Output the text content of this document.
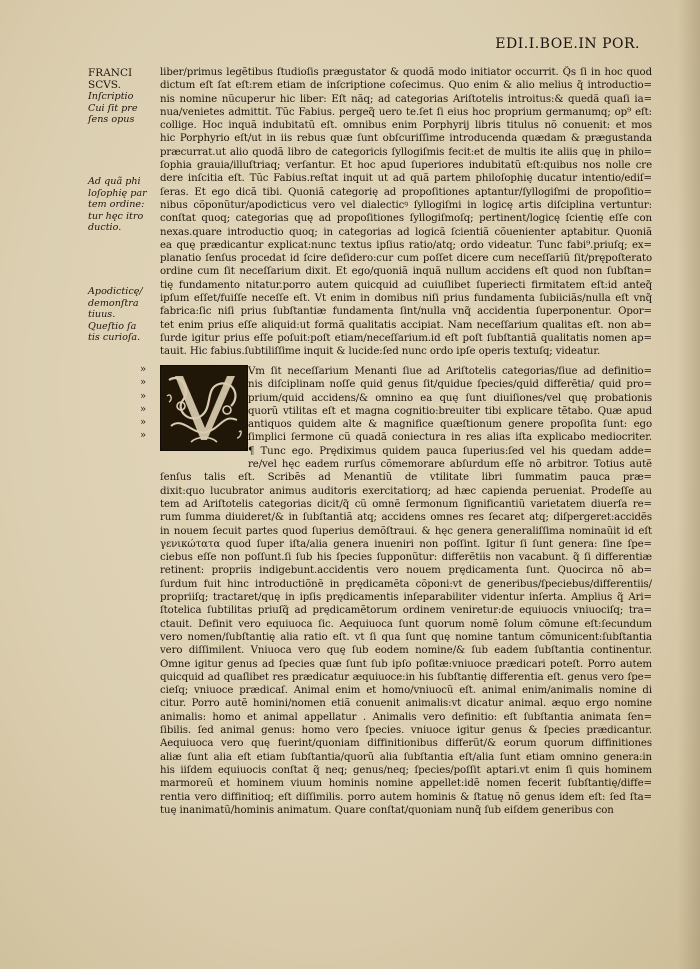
EDI.I.BOE.IN POR.
FRANCI
SCVS.
Inſcriptio
Cui ſit pre
ſens opus
Ad quã phi
loſophię par
tem ordine:
tur hęc itro
ductio.
Apodicticę/
demonſtra
tiuus.
Queſtio ſa
tis curioſa.
liber/primus legẽtibus ſtudioſis prægustator & quodã modo initiator occurrit. Q̃s ſi in hoc quod
dictum eſt ſat eſt:rem etiam de inſcriptione coſecimus. Quo enim & alio melius q̃ introductio=
nis nomine nũcuperur hic liber: Eſt nãq; ad categorias Ariſtotelis introitus:& quedã quaſi ia=
nua/venietes admittit. Tũc Fabius. pergeq̃ uero te.ſet ſi eius hoc proprium germanumq; op⁹ eſt:
collige. Hoc inquã indubitatũ eſt. omnibus enim Porphyrij libris titulus nõ conuenit: et mos
hic Porphyrio eſt/ut in iis rebus quæ ſunt obſcuriſſime introducenda quædam & prægustanda
præcurrat.ut alio quodã libro de categoricis ſyllogiſmis fecit:et de multis ite aliis quę in philo=
ſophia grauia/illuſtriaq; verſantur. Et hoc apud ſuperiores indubitatũ eſt:quibus nos nolle cre
dere inſcitia eſt. Tũc Fabius.reſtat inquit ut ad quã partem philoſophię ducatur intentio/ediſ=
ſeras. Et ego dicã tibi. Quoniã categorię ad propoſitiones aptantur/ſyllogiſmi de propoſitio=
nibus cõponũtur/apodicticus vero vel dialecticꝰ ſyllogiſmi in logicę artis diſciplina vertuntur:
conſtat quoq; categorias quę ad propoſitiones ſyllogiſmoſq; pertinent/logicę ſcientię eſſe con
nexas.quare introductio quoq; in categorias ad logicã ſcientiã cõuenienter aptabitur. Quoniã
ea quę prædicantur explicat:nunc textus ipſius ratio/atq; ordo videatur. Tunc fabi⁹.priuſq; ex=
planatio ſenſus procedat id ſcire deſidero:cur cum poſſet dicere cum neceſſariũ ſit/prępoſterato
ordine cum ſit neceſſarium dixit. Et ego/quoniã inquã nullum accidens eſt quod non ſubſtan=
tię fundamento nitatur.porro autem quicquid ad cuiuſlibet ſuperiecti firmitatem eſt:id anteq̃
ipſum eſſet/fuiſſe neceſſe eſt. Vt enim in domibus niſi prius fundamenta ſubiiciãs/nulla eſt vnq̃
fabrica:ſic niſi prius ſubſtantiæ fundamenta ſint/nulla vnq̃ accidentia ſuperponentur. Opor=
tet enim prius eſſe aliquid:ut formã qualitatis accipiat. Nam neceſſarium qualitas eſt. non ab=
ſurde igitur prius eſſe poſuit:poſt etiam/neceſſarium.id eſt poſt ſubſtantiã qualitatis nomen ap=
tauit. Hic fabius.ſubtiliſſime inquit & lucide:ſed nunc ordo ipſe operis textuſq; videatur.
»
»
»
»
»
»
Vm ſit neceſſarium Menanti ſiue ad Ariſtotelis categorias/ſiue ad definitio=
nis diſciplinam noſſe quid genus ſit/quidue ſpecies/quid differẽtia/ quid pro=
prium/quid accidens/& omnino ea quę ſunt diuiſiones/vel quę probationis
quorũ vtilitas eſt et magna cognitio:breuiter tibi explicare tẽtabo. Quæ apud
antiquos quidem alte & magnifice quæſtionum genere propoſita ſunt: ego
ſimplici ſermone cũ quadã coniectura in res alias iſta explicabo mediocriter.
¶ Tunc ego. Prędiximus quidem pauca ſuperius:ſed vel his quedam adde=
re/vel hęc eadem rurſus cõmemorare abſurdum eſſe nõ arbitror. Totius autẽ
ſenſus talis eſt. Scribẽs ad Menantiũ de vtilitate libri ſummatim pauca præ=
dixit:quo lucubrator animus auditoris exercitatiorq; ad hæc capienda perueniat. Prodeſſe au
tem ad Ariſtotelis categorias dicit/q̃ cũ omnẽ ſermonum ſignificantiũ varietatem diuerſa re=
rum ſumma diuideret/& in ſubſtantiã atq; accidens omnes res ſecaret atq; diſpergeret:accidẽs
in nouem ſecuit partes quod ſuperius demõſtraui. & hęc genera generaliſſima nominaũit id eſt
γενικώτατα quod ſuper iſta/alia genera inueniri non poſſint. Igitur ſi ſunt genera: ſine ſpe=
ciebus eſſe non poſſunt.ſi ſub his ſpecies ſupponũtur: differẽtiis non vacabunt. q̃ ſi differentiæ
retinent: propriis indigebunt.accidentis vero nouem prędicamenta ſunt. Quocirca nõ ab=
ſurdum fuit hinc introductiõnẽ in prędicamẽta cõponi:vt de generibus/ſpeciebus/differentiis/
propriiſq; tractaret/quę in ipſis prędicamentis inſeparabiliter videntur inſerta. Amplius q̃ Ari=
ſtotelica ſubtilitas priuſq̃ ad prędicamẽtorum ordinem veniretur:de equiuocis vniuociſq; tra=
ctauit. Definit vero equiuoca ſic. Aequiuoca ſunt quorum nomẽ ſolum cõmune eſt:ſecundum
vero nomen/ſubſtantię alia ratio eſt. vt ſi qua ſunt quę nomine tantum cõmunicent:ſubſtantia
vero diſſimilent. Vniuoca vero quę ſub eodem nomine/& ſub eadem ſubſtantia continentur.
Omne igitur genus ad ſpecies quæ ſunt ſub ipſo poſitæ:vniuoce prædicari poteſt. Porro autem
quicquid ad quaſlibet res prædicatur æquiuoce:in his ſubſtantię differentia eſt. genus vero ſpe=
cieſq; vniuoce prædicaſ. Animal enim et homo/vniuocũ eſt. animal enim/animalis nomine di
citur. Porro autẽ homini/nomen etiã conuenit animalis:vt dicatur animal. æquo ergo nomine
animalis: homo et animal appellatur . Animalis vero definitio: eſt ſubſtantia animata ſen=
ſibilis. ſed animal genus: homo vero ſpecies. vniuoce igitur genus & ſpecies prædicantur.
Aequiuoca vero quę fuerint/quoniam diffinitionibus differũt/& eorum quorum diffinitiones
aliæ ſunt alia eſt etiam ſubſtantia/quorũ alia ſubſtantia eſt/alia ſunt etiam omnino genera:in
his iiſdem equiuocis conſtat q̃ neq; genus/neq; ſpecies/poſſit aptari.vt enim ſi quis hominem
marmoreũ et hominem viuum hominis nomine appellet:idẽ nomen fecerit ſubſtantię/diffe=
rentia vero diffinitioq; eſt diſſimilis. porro autem hominis & ſtatuę nõ genus idem eſt: ſed ſta=
tuę inanimatũ/hominis animatum. Quare conſtat/quoniam nunq̃ ſub eiſdem generibus con
